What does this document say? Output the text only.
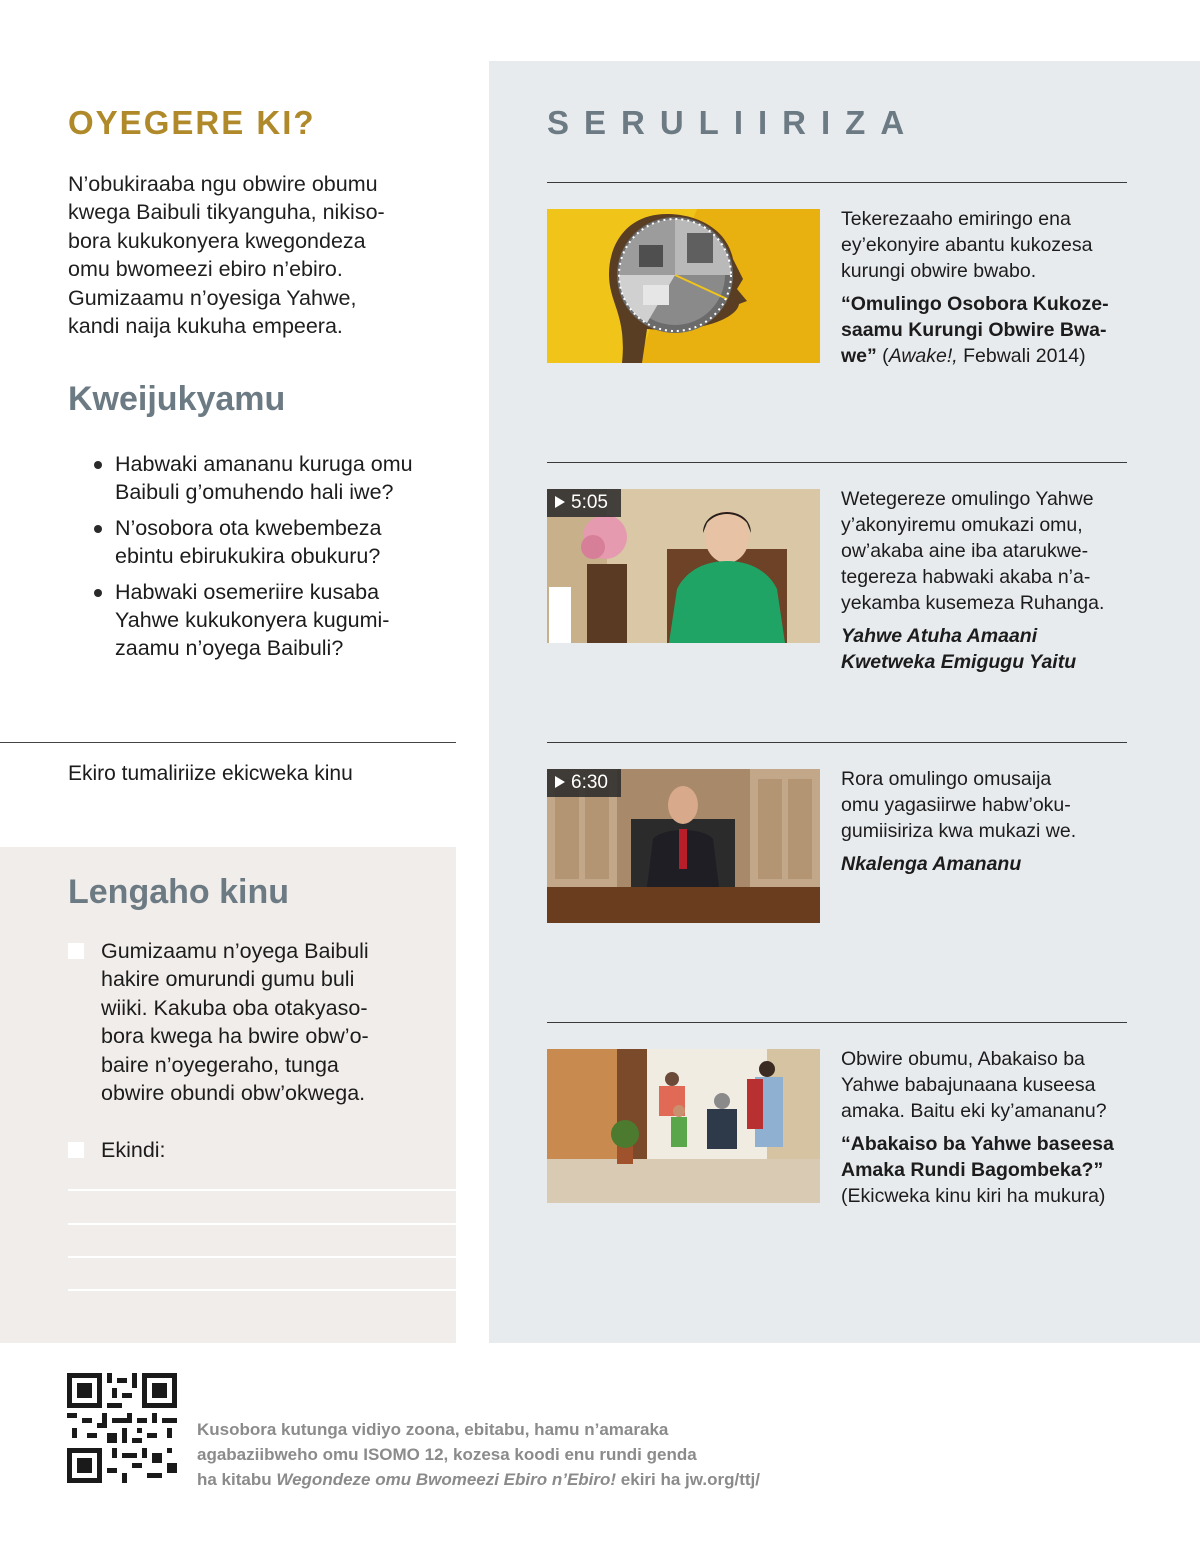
OYEGERE KI?
N’obukiraaba ngu obwire obumu
kwega Baibuli tikyanguha, nikiso-
bora kukukonyera kwegondeza
omu bwomeezi ebiro n’ebiro.
Gumizaamu n’oyesiga Yahwe,
kandi naija kukuha empeera.
Kweijukyamu
Habwaki amananu kuruga omu
Baibuli g’omuhendo hali iwe?
N’osobora ota kwebembeza
ebintu ebirukukira obukuru?
Habwaki osemeriire kusaba
Yahwe kukukonyera kugumi-
zaamu n’oyega Baibuli?
Ekiro tumaliriize ekicweka kinu
Lengaho kinu
Gumizaamu n’oyega Baibuli
hakire omurundi gumu buli
wiiki. Kakuba oba otakyaso-
bora kwega ha bwire obw’o-
baire n’oyegeraho, tunga
obwire obundi obw’okwega.
Ekindi:
SERULIIRIZA
Tekerezaaho emiringo ena
ey’ekonyire abantu kukozesa
kurungi obwire bwabo.
“Omulingo Osobora Kukoze-
saamu Kurungi Obwire Bwa-
we” (Awake!, Febwali 2014)
5:05	Wetegereze omulingo Yahwe
y’akonyiremu omukazi omu,
ow’akaba aine iba atarukwe-
tegereza habwaki akaba n’a-
yekamba kusemeza Ruhanga.
Yahwe Atuha Amaani
Kwetweka Emigugu Yaitu
6:30	Rora omulingo omusaija
omu yagasiirwe habw’oku-
gumiisiriza kwa mukazi we.
Nkalenga Amananu
Obwire obumu, Abakaiso ba
Yahwe babajunaana kuseesa
amaka. Baitu eki ky’amananu?
“Abakaiso ba Yahwe baseesa
Amaka Rundi Bagombeka?”
(Ekicweka kinu kiri ha mukura)
Kusobora kutunga vidiyo zoona, ebitabu, hamu n’amaraka
agabaziibweho omu ISOMO 12, kozesa koodi enu rundi genda
ha kitabu Wegondeze omu Bwomeezi Ebiro n’Ebiro! ekiri ha jw.org/ttj/
